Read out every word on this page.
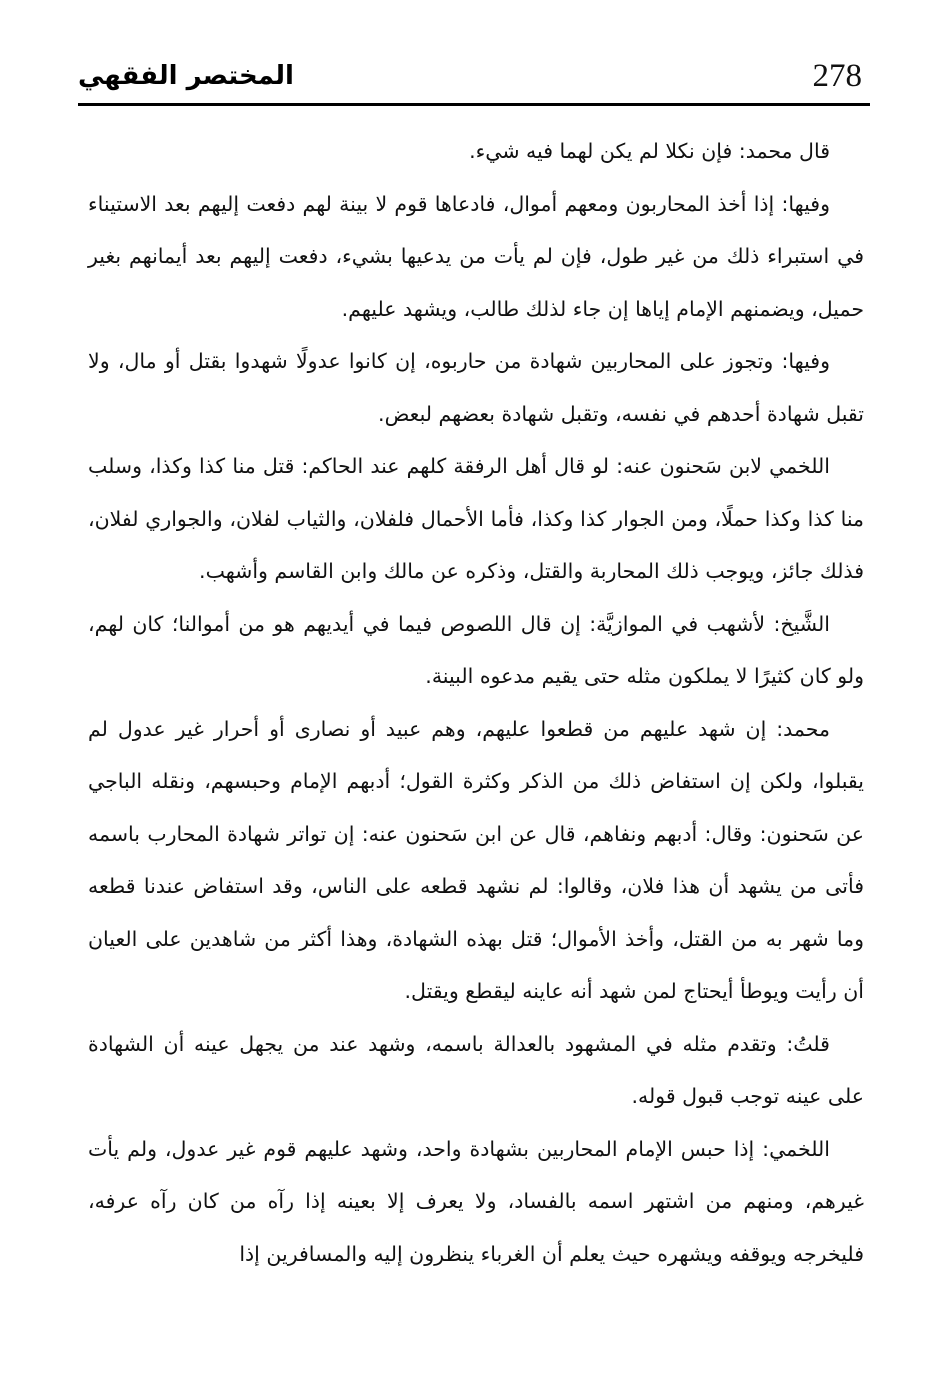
المختصر الفقهي	278

قال محمد: فإن نكلا لم يكن لهما فيه شيء.

وفيها: إذا أخذ المحاربون ومعهم أموال، فادعاها قوم لا بينة لهم دفعت إليهم بعد الاستيناء في استبراء ذلك من غير طول، فإن لم يأت من يدعيها بشيء، دفعت إليهم بعد أيمانهم بغير حميل، ويضمنهم الإمام إياها إن جاء لذلك طالب، ويشهد عليهم.

وفيها: وتجوز على المحاربين شهادة من حاربوه، إن كانوا عدولًا شهدوا بقتل أو مال، ولا تقبل شهادة أحدهم في نفسه، وتقبل شهادة بعضهم لبعض.

اللخمي لابن سَحنون عنه: لو قال أهل الرفقة كلهم عند الحاكم: قتل منا كذا وكذا، وسلب منا كذا وكذا حملًا، ومن الجوار كذا وكذا، فأما الأحمال فلفلان، والثياب لفلان، والجواري لفلان، فذلك جائز، ويوجب ذلك المحاربة والقتل، وذكره عن مالك وابن القاسم وأشهب.

الشَّيخ: لأشهب في الموازيَّة: إن قال اللصوص فيما في أيديهم هو من أموالنا؛ كان لهم، ولو كان كثيرًا لا يملكون مثله حتى يقيم مدعوه البينة.

محمد: إن شهد عليهم من قطعوا عليهم، وهم عبيد أو نصارى أو أحرار غير عدول لم يقبلوا، ولكن إن استفاض ذلك من الذكر وكثرة القول؛ أدبهم الإمام وحبسهم، ونقله الباجي عن سَحنون: وقال: أدبهم ونفاهم، قال عن ابن سَحنون عنه: إن تواتر شهادة المحارب باسمه فأتى من يشهد أن هذا فلان، وقالوا: لم نشهد قطعه على الناس، وقد استفاض عندنا قطعه وما شهر به من القتل، وأخذ الأموال؛ قتل بهذه الشهادة، وهذا أكثر من شاهدين على العيان أن رأيت ويوطأ أيحتاج لمن شهد أنه عاينه ليقطع ويقتل.

قلتُ: وتقدم مثله في المشهود بالعدالة باسمه، وشهد عند من يجهل عينه أن الشهادة على عينه توجب قبول قوله.

اللخمي: إذا حبس الإمام المحاربين بشهادة واحد، وشهد عليهم قوم غير عدول، ولم يأت غيرهم، ومنهم من اشتهر اسمه بالفساد، ولا يعرف إلا بعينه إذا رآه من كان رآه عرفه، فليخرجه ويوقفه ويشهره حيث يعلم أن الغرباء ينظرون إليه والمسافرين إذا
